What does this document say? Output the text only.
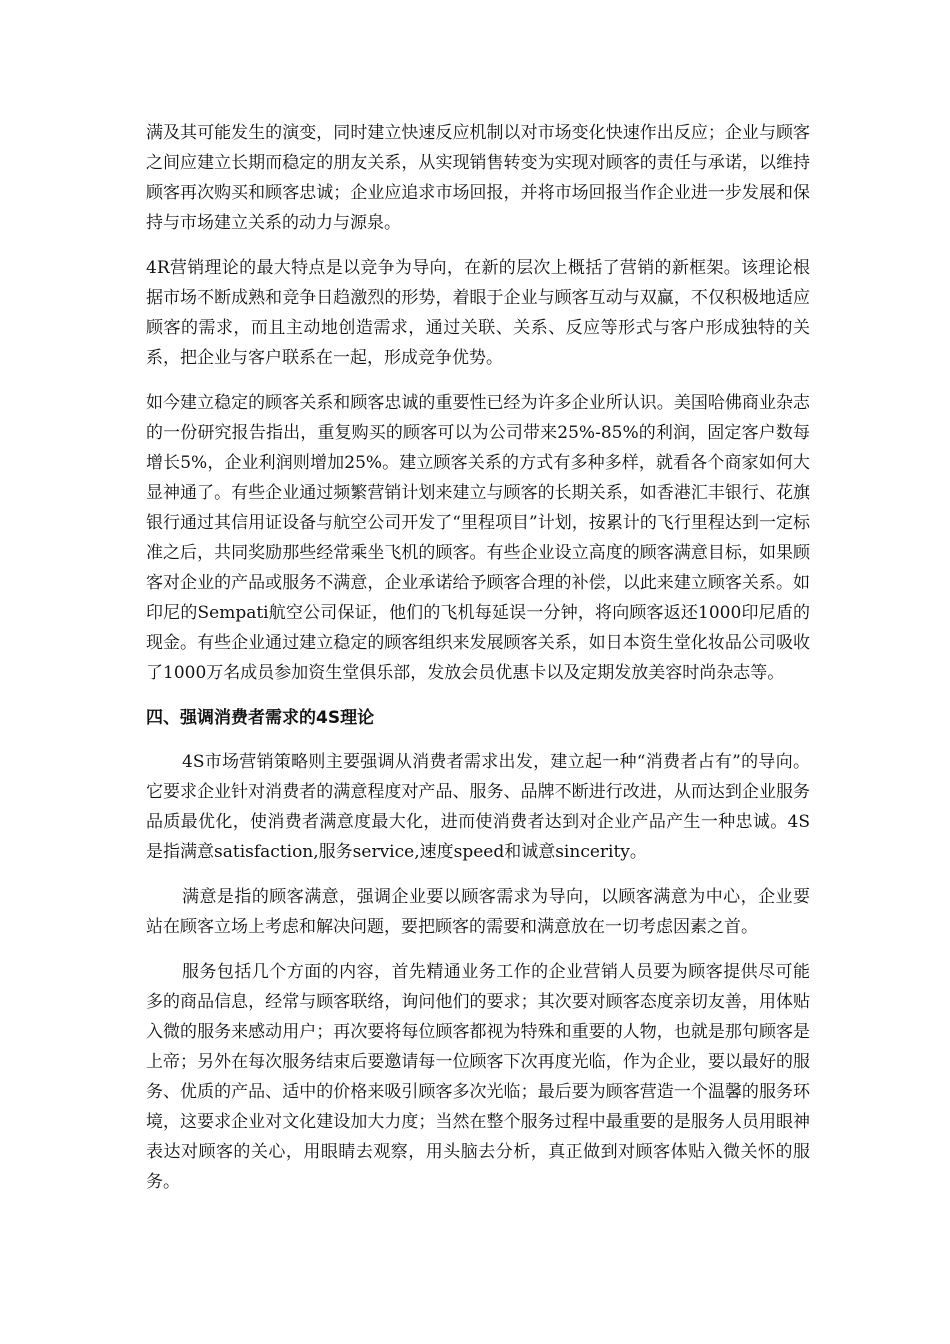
满及其可能发生的演变，同时建立快速反应机制以对市场变化快速作出反应；企业与顾客之间应建立长期而稳定的朋友关系，从实现销售转变为实现对顾客的责任与承诺，以维持顾客再次购买和顾客忠诚；企业应追求市场回报，并将市场回报当作企业进一步发展和保持与市场建立关系的动力与源泉。

4R营销理论的最大特点是以竞争为导向，在新的层次上概括了营销的新框架。该理论根据市场不断成熟和竞争日趋激烈的形势，着眼于企业与顾客互动与双赢，不仅积极地适应顾客的需求，而且主动地创造需求，通过关联、关系、反应等形式与客户形成独特的关系，把企业与客户联系在一起，形成竞争优势。

如今建立稳定的顾客关系和顾客忠诚的重要性已经为许多企业所认识。美国哈佛商业杂志的一份研究报告指出，重复购买的顾客可以为公司带来25%-85%的利润，固定客户数每增长5%，企业利润则增加25%。建立顾客关系的方式有多种多样，就看各个商家如何大显神通了。有些企业通过频繁营销计划来建立与顾客的长期关系，如香港汇丰银行、花旗银行通过其信用证设备与航空公司开发了“里程项目”计划，按累计的飞行里程达到一定标准之后，共同奖励那些经常乘坐飞机的顾客。有些企业设立高度的顾客满意目标，如果顾客对企业的产品或服务不满意，企业承诺给予顾客合理的补偿，以此来建立顾客关系。如印尼的Sempati航空公司保证，他们的飞机每延误一分钟，将向顾客返还1000印尼盾的现金。有些企业通过建立稳定的顾客组织来发展顾客关系，如日本资生堂化妆品公司吸收了1000万名成员参加资生堂俱乐部，发放会员优惠卡以及定期发放美容时尚杂志等。

四、强调消费者需求的4S理论

4S市场营销策略则主要强调从消费者需求出发，建立起一种“消费者占有”的导向。它要求企业针对消费者的满意程度对产品、服务、品牌不断进行改进，从而达到企业服务品质最优化，使消费者满意度最大化，进而使消费者达到对企业产品产生一种忠诚。4S是指满意satisfaction,服务service,速度speed和诚意sincerity。

满意是指的顾客满意，强调企业要以顾客需求为导向，以顾客满意为中心，企业要站在顾客立场上考虑和解决问题，要把顾客的需要和满意放在一切考虑因素之首。

服务包括几个方面的内容，首先精通业务工作的企业营销人员要为顾客提供尽可能多的商品信息，经常与顾客联络，询问他们的要求；其次要对顾客态度亲切友善，用体贴入微的服务来感动用户；再次要将每位顾客都视为特殊和重要的人物，也就是那句顾客是上帝；另外在每次服务结束后要邀请每一位顾客下次再度光临，作为企业，要以最好的服务、优质的产品、适中的价格来吸引顾客多次光临；最后要为顾客营造一个温馨的服务环境，这要求企业对文化建设加大力度；当然在整个服务过程中最重要的是服务人员用眼神表达对顾客的关心，用眼睛去观察，用头脑去分析，真正做到对顾客体贴入微关怀的服务。
